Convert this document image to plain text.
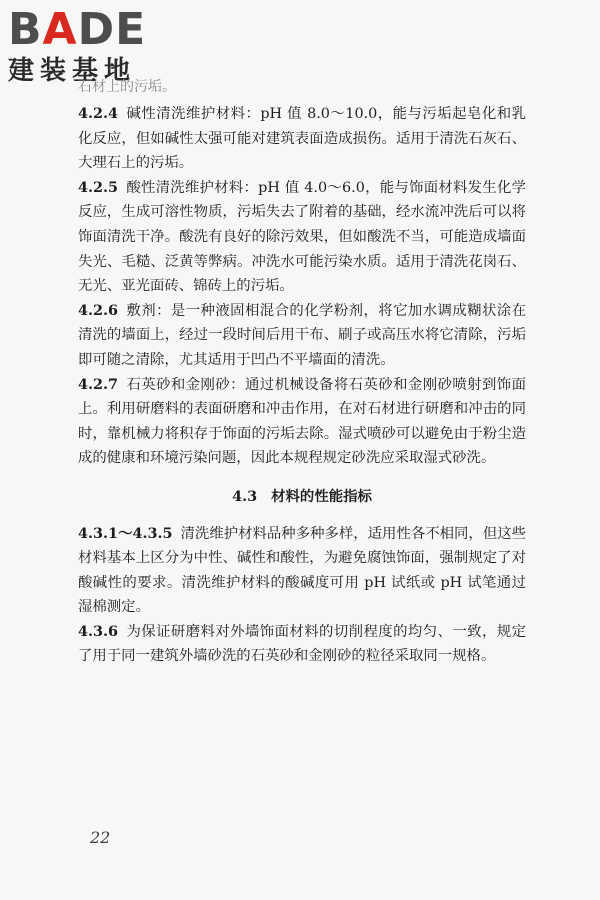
B A DE
建装基地
石材上的污垢。

4.2.4 碱性清洗维护材料：pH 值 8.0～10.0，能与污垢起皂化和乳化反应，但如碱性太强可能对建筑表面造成损伤。适用于清洗石灰石、大理石上的污垢。

4.2.5 酸性清洗维护材料：pH 值 4.0～6.0，能与饰面材料发生化学反应，生成可溶性物质，污垢失去了附着的基础，经水流冲洗后可以将饰面清洗干净。酸洗有良好的除污效果，但如酸洗不当，可能造成墙面失光、毛糙、泛黄等弊病。冲洗水可能污染水质。适用于清洗花岗石、无光、亚光面砖、锦砖上的污垢。

4.2.6 敷剂：是一种液固相混合的化学粉剂，将它加水调成糊状涂在清洗的墙面上，经过一段时间后用干布、刷子或高压水将它清除，污垢即可随之清除，尤其适用于凹凸不平墙面的清洗。

4.2.7 石英砂和金刚砂：通过机械设备将石英砂和金刚砂喷射到饰面上。利用研磨料的表面研磨和冲击作用，在对石材进行研磨和冲击的同时，靠机械力将积存于饰面的污垢去除。湿式喷砂可以避免由于粉尘造成的健康和环境污染问题，因此本规程规定砂洗应采取湿式砂洗。

4.3 材料的性能指标

4.3.1～4.3.5 清洗维护材料品种多种多样，适用性各不相同，但这些材料基本上区分为中性、碱性和酸性，为避免腐蚀饰面，强制规定了对酸碱性的要求。清洗维护材料的酸碱度可用 pH 试纸或 pH 试笔通过湿棉测定。

4.3.6 为保证研磨料对外墙饰面材料的切削程度的均匀、一致，规定了用于同一建筑外墙砂洗的石英砂和金刚砂的粒径采取同一规格。

22
